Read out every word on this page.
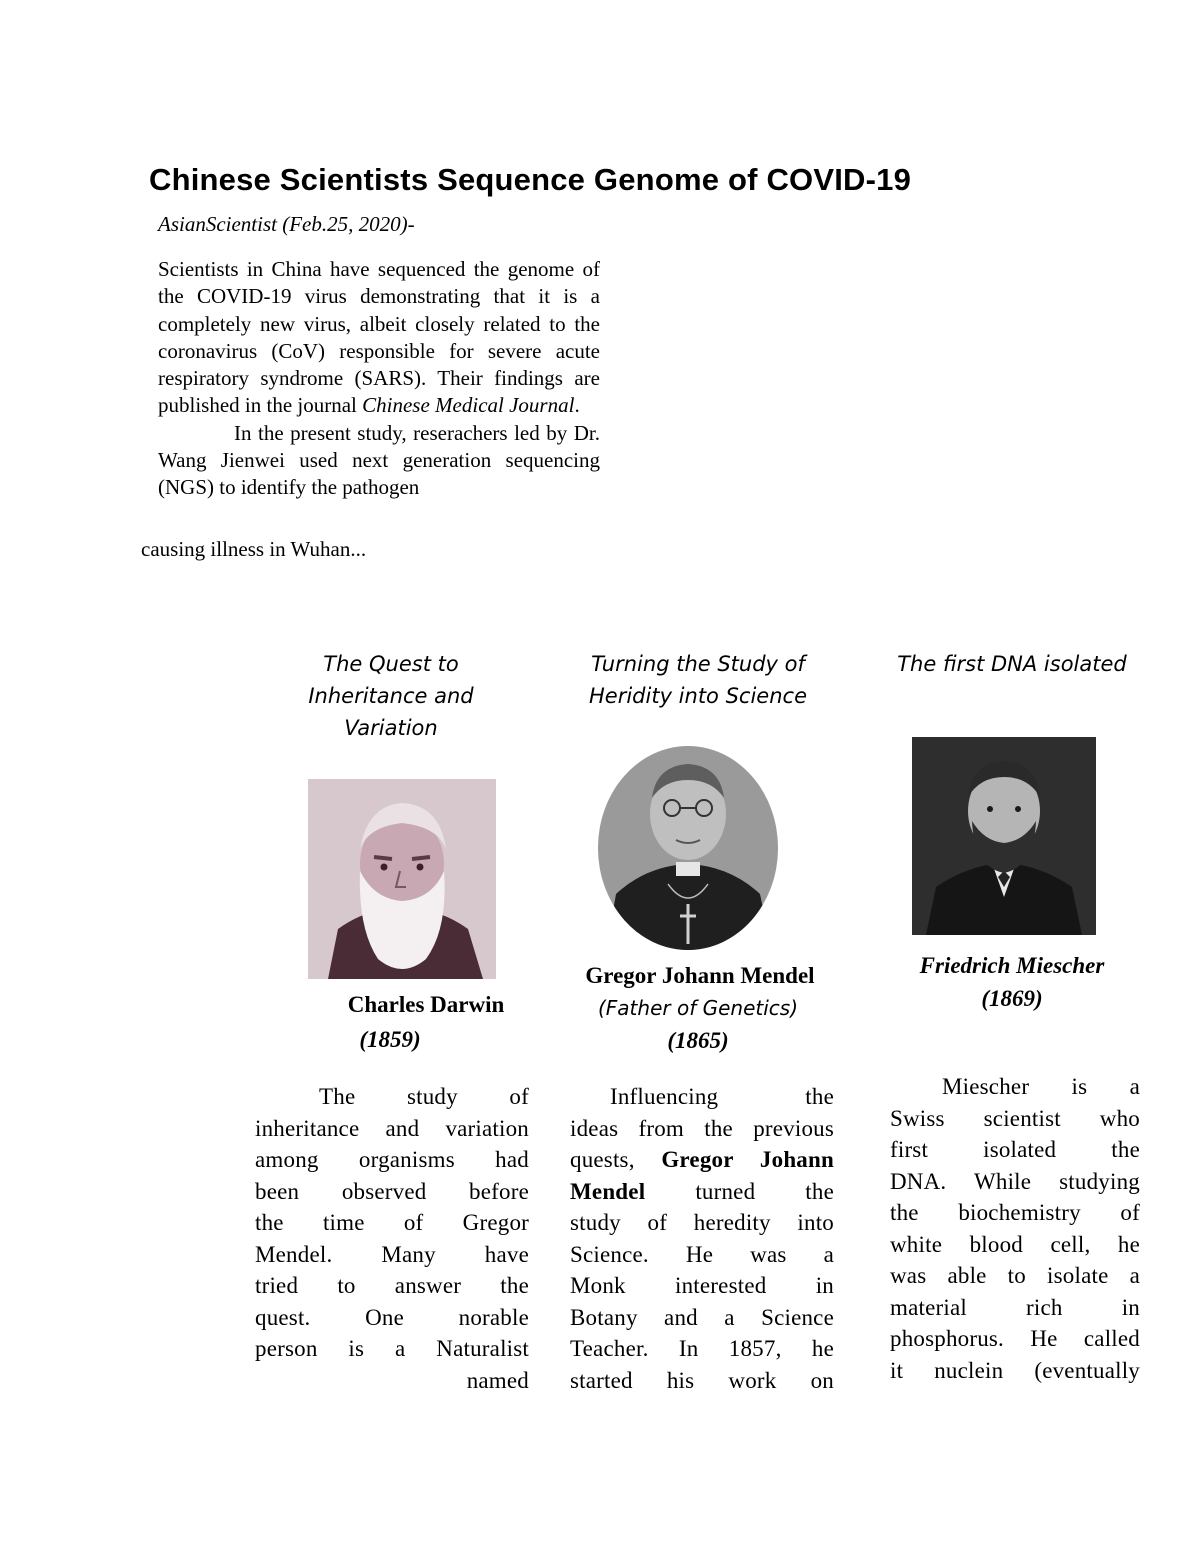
Chinese Scientists Sequence Genome of COVID-19
AsianScientist (Feb.25, 2020)-

Scientists in China have sequenced the genome of the COVID-19 virus demonstrating that it is a completely new virus, albeit closely related to the coronavirus (CoV) responsible for severe acute respiratory syndrome (SARS). Their findings are published in the journal Chinese Medical Journal.

In the present study, reserachers led by Dr. Wang Jienwei used next generation sequencing (NGS) to identify the pathogen

causing illness in Wuhan...
The Quest to
Inheritance and
Variation
Charles Darwin
(1859)
The study of
inheritance and variation
among organisms had
been observed before
the time of Gregor
Mendel. Many have
tried to answer the
quest. One norable
person is a Naturalist
named
Turning the Study of
Heridity into Science
Gregor Johann Mendel
(Father of Genetics)
(1865)
Influencing the
ideas from the previous
quests, Gregor Johann
Mendel turned the
study of heredity into
Science. He was a
Monk interested in
Botany and a Science
Teacher. In 1857, he
started his work on
The first DNA isolated
Friedrich Miescher
(1869)
Miescher is a
Swiss scientist who
first isolated the
DNA. While studying
the biochemistry of
white blood cell, he
was able to isolate a
material rich in
phosphorus. He called
it nuclein (eventually
